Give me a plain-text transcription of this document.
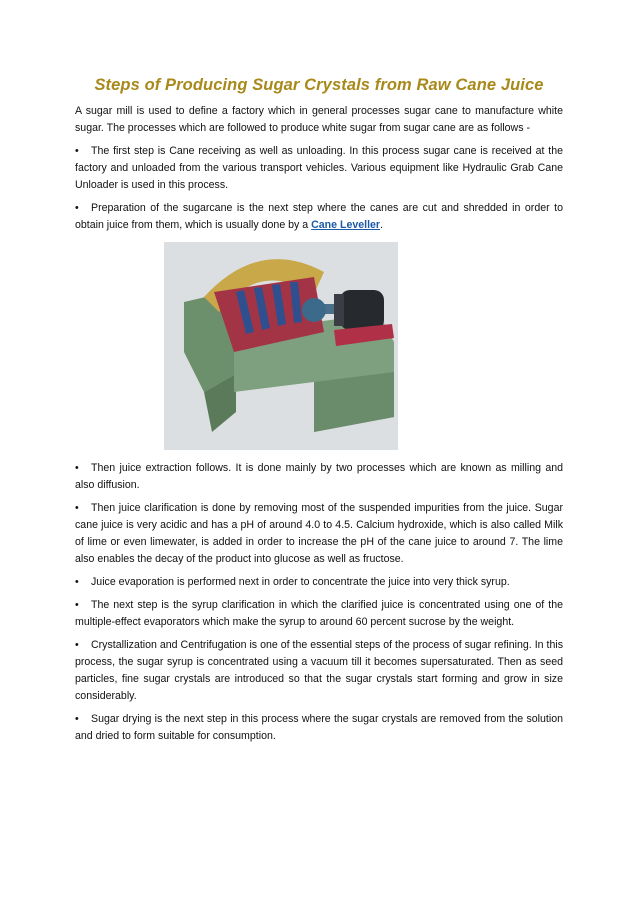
Steps of Producing Sugar Crystals from Raw Cane Juice

A sugar mill is used to define a factory which in general processes sugar cane to manufacture white sugar. The processes which are followed to produce white sugar from sugar cane are as follows -

• The first step is Cane receiving as well as unloading. In this process sugar cane is received at the factory and unloaded from the various transport vehicles. Various equipment like Hydraulic Grab Cane Unloader is used in this process.

• Preparation of the sugarcane is the next step where the canes are cut and shredded in order to obtain juice from them, which is usually done by a Cane Leveller.

• Then juice extraction follows. It is done mainly by two processes which are known as milling and also diffusion.

• Then juice clarification is done by removing most of the suspended impurities from the juice. Sugar cane juice is very acidic and has a pH of around 4.0 to 4.5. Calcium hydroxide, which is also called Milk of lime or even limewater, is added in order to increase the pH of the cane juice to around 7. The lime also enables the decay of the product into glucose as well as fructose.

• Juice evaporation is performed next in order to concentrate the juice into very thick syrup.

• The next step is the syrup clarification in which the clarified juice is concentrated using one of the multiple-effect evaporators which make the syrup to around 60 percent sucrose by the weight.

• Crystallization and Centrifugation is one of the essential steps of the process of sugar refining. In this process, the sugar syrup is concentrated using a vacuum till it becomes supersaturated. Then as seed particles, fine sugar crystals are introduced so that the sugar crystals start forming and grow in size considerably.

• Sugar drying is the next step in this process where the sugar crystals are removed from the solution and dried to form suitable for consumption.
